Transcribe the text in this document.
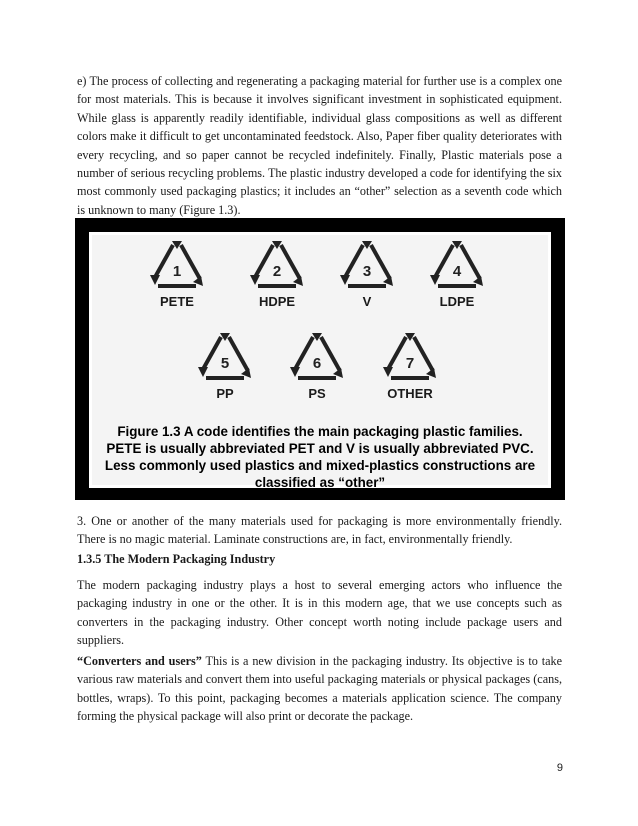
e) The process of collecting and regenerating a packaging material for further use is a complex one for most materials. This is because it involves significant investment in sophisticated equipment. While glass is apparently readily identifiable, individual glass compositions as well as different colors make it difficult to get uncontaminated feedstock. Also, Paper fiber quality deteriorates with every recycling, and so paper cannot be recycled indefinitely. Finally, Plastic materials pose a number of serious recycling problems. The plastic industry developed a code for identifying the six most commonly used packaging plastics; it includes an “other” selection as a seventh code which is unknown to many (Figure 1.3).

1
PETE
2
HDPE
3
V
4
LDPE
5
PP
6
PS
7
OTHER
Figure 1.3 A code identifies the main packaging plastic families. PETE is usually abbreviated PET and V is usually abbreviated PVC. Less commonly used plastics and mixed-plastics constructions are classified as “other”

3. One or another of the many materials used for packaging is more environmentally friendly. There is no magic material. Laminate constructions are, in fact, environmentally friendly.

1.3.5 The Modern Packaging Industry

The modern packaging industry plays a host to several emerging actors who influence the packaging industry in one or the other. It is in this modern age, that we use concepts such as converters in the packaging industry. Other concept worth noting include package users and suppliers.

“Converters and users” This is a new division in the packaging industry. Its objective is to take various raw materials and convert them into useful packaging materials or physical packages (cans, bottles, wraps). To this point, packaging becomes a materials application science. The company forming the physical package will also print or decorate the package.

9
